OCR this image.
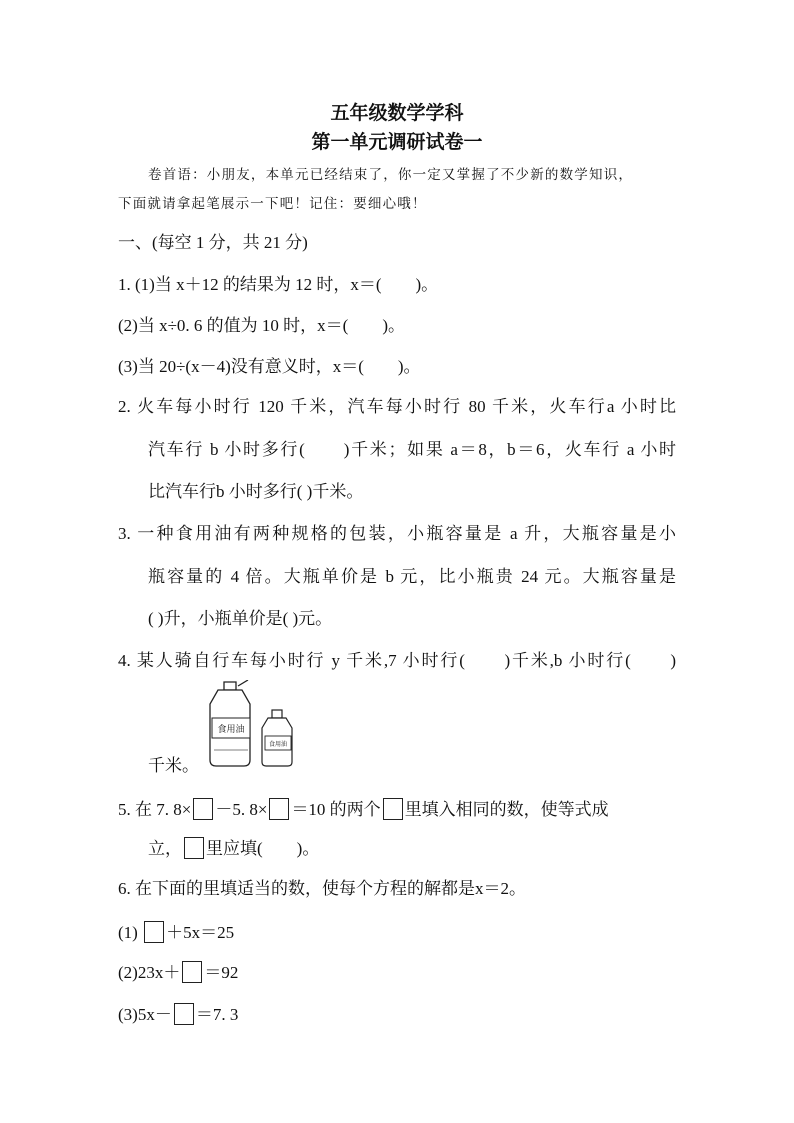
五年级数学学科
第一单元调研试卷一
卷首语：小朋友，本单元已经结束了，你一定又掌握了不少新的数学知识，
下面就请拿起笔展示一下吧！记住：要细心哦！
一、(每空 1 分，共 21 分)
1. (1)当 x＋12 的结果为 12 时，x＝(　　)。
(2)当 x÷0. 6 的值为 10 时，x＝(　　)。
(3)当 20÷(x－4)没有意义时，x＝(　　)。
2. 火车每小时行 120 千米，汽车每小时行 80 千米，火车行a 小时比
汽车行 b 小时多行(　　)千米；如果 a＝8，b＝6，火车行 a 小时
比汽车行b 小时多行( )千米。
3. 一种食用油有两种规格的包装，小瓶容量是 a 升，大瓶容量是小
瓶容量的 4 倍。大瓶单价是 b 元，比小瓶贵 24 元。大瓶容量是
( )升，小瓶单价是( )元。
4. 某人骑自行车每小时行 y 千米,7 小时行(　　)千米,b 小时行(　　)
食用油
食用油
千米。
5. 在 7. 8× －5. 8× ＝10 的两个 里填入相同的数，使等式成
立， 里应填(　　)。
6. 在下面的里填适当的数，使每个方程的解都是x＝2。
(1) ＋5x＝25
(2)23x＋ ＝92
(3)5x－ ＝7. 3
